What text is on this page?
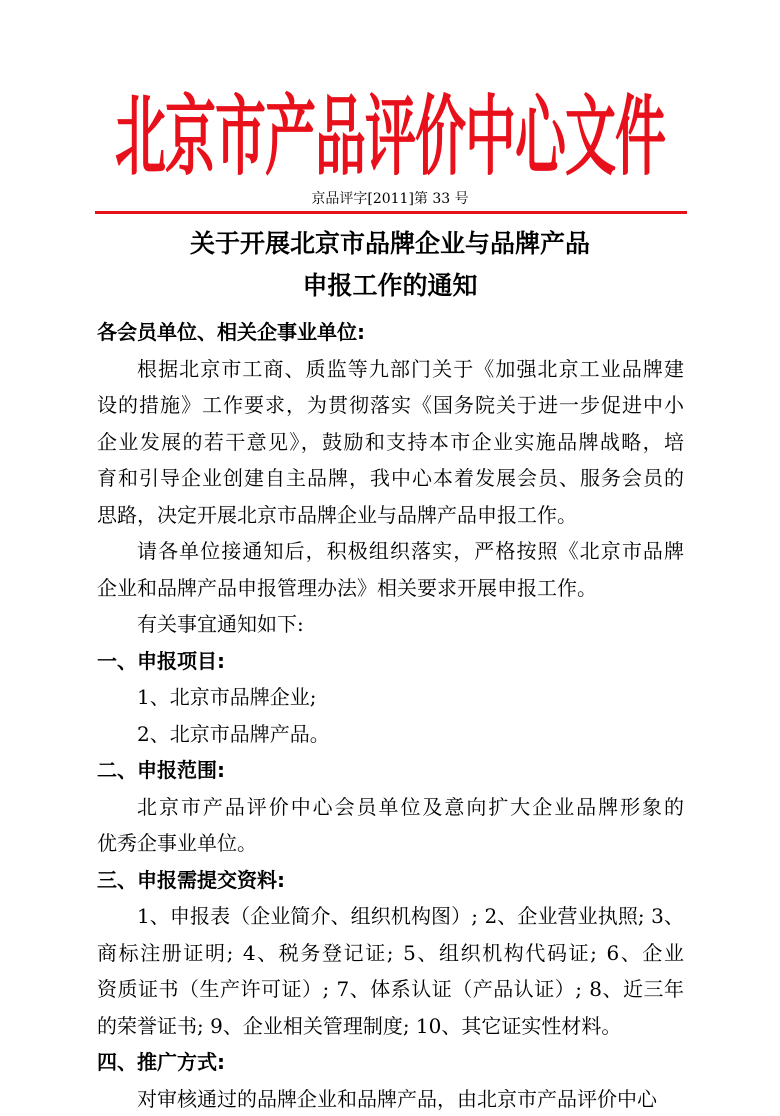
北京市产品评价中心文件
京品评字[2011]第 33 号
关于开展北京市品牌企业与品牌产品
申报工作的通知
各会员单位、相关企事业单位:
根据北京市工商、质监等九部门关于《加强北京工业品牌建
设的措施》工作要求，为贯彻落实《国务院关于进一步促进中小
企业发展的若干意见》，鼓励和支持本市企业实施品牌战略，培
育和引导企业创建自主品牌，我中心本着发展会员、服务会员的
思路，决定开展北京市品牌企业与品牌产品申报工作。
请各单位接通知后，积极组织落实，严格按照《北京市品牌
企业和品牌产品申报管理办法》相关要求开展申报工作。
有关事宜通知如下:
一、申报项目:
1、北京市品牌企业;
2、北京市品牌产品。
二、申报范围:
北京市产品评价中心会员单位及意向扩大企业品牌形象的
优秀企事业单位。
三、申报需提交资料:
1、申报表（企业简介、组织机构图）; 2、企业营业执照; 3、
商标注册证明; 4、税务登记证; 5、组织机构代码证; 6、企业
资质证书（生产许可证）; 7、体系认证（产品认证）; 8、近三年
的荣誉证书; 9、企业相关管理制度; 10、其它证实性材料。
四、推广方式:
对审核通过的品牌企业和品牌产品，由北京市产品评价中心
